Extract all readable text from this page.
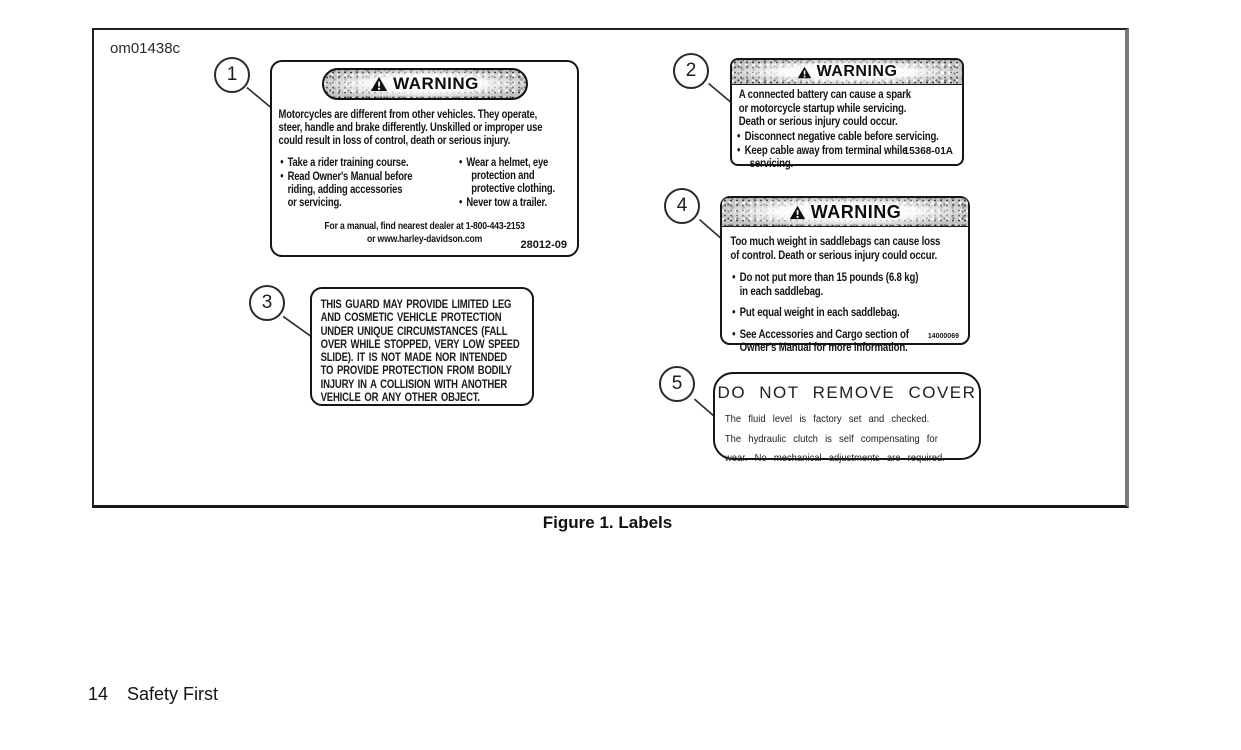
om01438c
1	2
3
4
5
WARNING
Motorcycles are different from other vehicles. They operate,
steer, handle and brake differently. Unskilled or improper use
could result in loss of control, death or serious injury.
• Take a rider training course.
• Read Owner's Manual before
riding, adding accessories
or servicing.
• Wear a helmet, eye
protection and
protective clothing.
• Never tow a trailer.
For a manual, find nearest dealer at 1-800-443-2153
or www.harley-davidson.com
28012-09
WARNING
A connected battery can cause a spark
or motorcycle startup while servicing.
Death or serious injury could occur.
• Disconnect negative cable before servicing.
• Keep cable away from terminal while
servicing.
15368-01A
THIS GUARD MAY PROVIDE LIMITED LEG
AND COSMETIC VEHICLE PROTECTION
UNDER UNIQUE CIRCUMSTANCES (FALL
OVER WHILE STOPPED, VERY LOW SPEED
SLIDE). IT IS NOT MADE NOR INTENDED
TO PROVIDE PROTECTION FROM BODILY
INJURY IN A COLLISION WITH ANOTHER
VEHICLE OR ANY OTHER OBJECT.
WARNING
Too much weight in saddlebags can cause loss
of control. Death or serious injury could occur.
• Do not put more than 15 pounds (6.8 kg)
in each saddlebag.
• Put equal weight in each saddlebag.
• See Accessories and Cargo section of
Owner's Manual for more information.
14000069
DO NOT REMOVE COVER
The fluid level is factory set and checked.
The hydraulic clutch is self compensating for
wear. No mechanical adjustments are required.
Figure 1. Labels
14 Safety First
